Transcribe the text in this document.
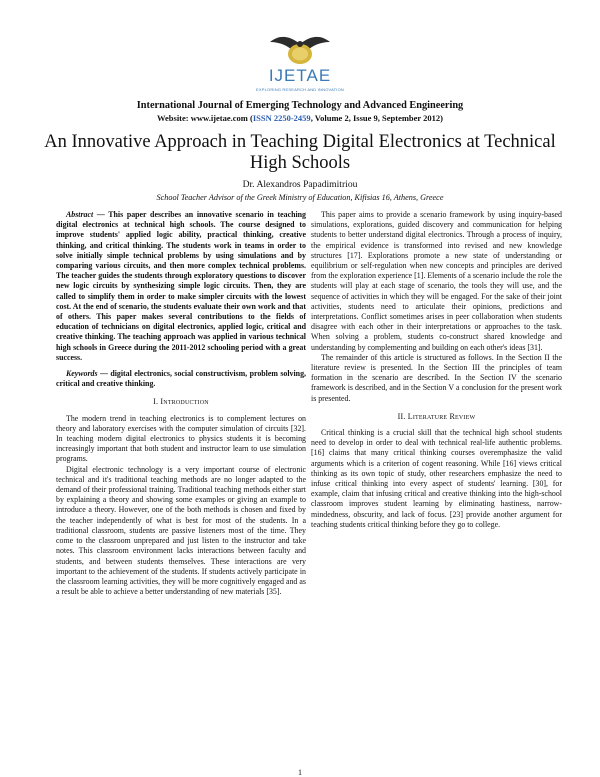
IJETAE
EXPLORING RESEARCH AND INNOVATION
International Journal of Emerging Technology and Advanced Engineering
Website: www.ijetae.com (ISSN 2250-2459, Volume 2, Issue 9, September 2012)
An Innovative Approach in Teaching Digital Electronics at Technical High Schools
Dr. Alexandros Papadimitriou
School Teacher Advisor of the Greek Ministry of Education, Kifisias 16, Athens, Greece

Abstract — This paper describes an innovative scenario in teaching digital electronics at technical high schools. The course designed to improve students' applied logic ability, practical thinking, creative thinking, and critical thinking. The students work in teams in order to solve initially simple technical problems by using simulations and by comparing various circuits, and then more complex technical problems. The teacher guides the students through exploratory questions to discover new logic circuits by synthesizing simple logic circuits. Then, they are called to simplify them in order to make simpler circuits with the lowest cost. At the end of scenario, the students evaluate their own work and that of others. This paper makes several contributions to the fields of education of technicians on digital electronics, applied logic, critical and creative thinking. The teaching approach was applied in various technical high schools in Greece during the 2011-2012 schooling period with a great success.

Keywords — digital electronics, social constructivism, problem solving, critical and creative thinking.

I. Introduction

The modern trend in teaching electronics is to complement lectures on theory and laboratory exercises with the computer simulation of circuits [32]. In teaching modern digital electronics to physics students it is becoming increasingly important that both student and instructor learn to use simulation programs.

Digital electronic technology is a very important course of electronic technical and it's traditional teaching methods are no longer adapted to the demand of their professional training. Traditional teaching methods either start by explaining a theory and showing some examples or giving an example to introduce a theory. However, one of the both methods is chosen and fixed by the teacher independently of what is best for most of the students. In a traditional classroom, students are passive listeners most of the time. They come to the classroom unprepared and just listen to the instructor and take notes. This classroom environment lacks interactions between faculty and students, and between students themselves. These interactions are very important to the achievement of the students. If students actively participate in the classroom learning activities, they will be more cognitively engaged and as a result be able to achieve a better understanding of new materials [35].

This paper aims to provide a scenario framework by using inquiry-based simulations, explorations, guided discovery and communication for helping students to better understand digital electronics. Through a process of inquiry, the empirical evidence is transformed into revised and new knowledge structures [17]. Explorations promote a new state of understanding or equilibrium or self-regulation when new concepts and principles are derived from the exploration experience [1]. Elements of a scenario include the role the students will play at each stage of scenario, the tools they will use, and the sequence of activities in which they will be engaged. For the sake of their joint activities, students need to articulate their opinions, predictions and interpretations. Conflict sometimes arises in peer collaboration when students disagree with each other in their interpretations or approaches to the task. When solving a problem, students co-construct shared knowledge and understanding by complementing and building on each other's ideas [31].

The remainder of this article is structured as follows. In the Section II the literature review is presented. In the Section III the principles of team formation in the scenario are described. In the Section IV the scenario framework is described, and in the Section V a conclusion for the present work is presented.

II. Literature Review

Critical thinking is a crucial skill that the technical high school students need to develop in order to deal with technical real-life authentic problems. [16] claims that many critical thinking courses overemphasize the valid arguments which is a criterion of cogent reasoning. While [16] views critical thinking as its own topic of study, other researchers emphasize the need to infuse critical thinking into every aspect of students' learning. [30], for example, claim that infusing critical and creative thinking into the high-school classroom improves student learning by eliminating hastiness, narrow-mindedness, obscurity, and lack of focus. [23] provide another argument for teaching students critical thinking before they go to college.

1
